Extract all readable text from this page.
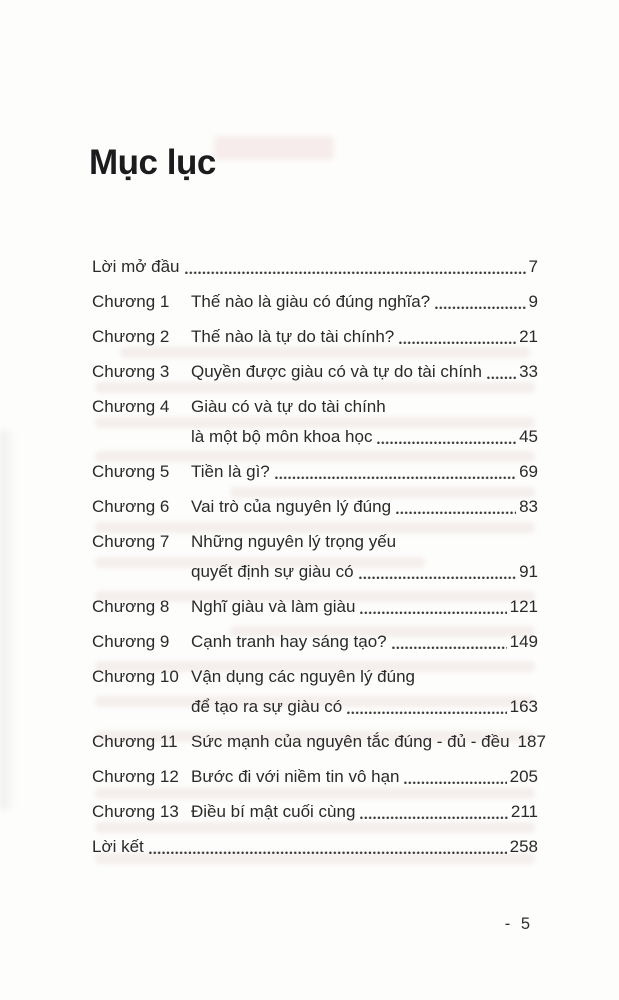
Mục lục
Lời mở đầu	7
Chương 1	Thế nào là giàu có đúng nghĩa?	9
Chương 2	Thế nào là tự do tài chính?	21
Chương 3	Quyền được giàu có và tự do tài chính 33
Chương 4	Giàu có và tự do tài chính
là một bộ môn khoa học	45
Chương 5	Tiền là gì?	69
Chương 6	Vai trò của nguyên lý đúng	83
Chương 7	Những nguyên lý trọng yếu
quyết định sự giàu có	91
Chương 8	Nghĩ giàu và làm giàu	121
Chương 9	Cạnh tranh hay sáng tạo?	149
Chương 10 Vận dụng các nguyên lý đúng
để tạo ra sự giàu có	163
Chương 11 Sức mạnh của nguyên tắc đúng - đủ - đều 187
Chương 12 Bước đi với niềm tin vô hạn	205
Chương 13 Điều bí mật cuối cùng	211
Lời kết	258
- 5
